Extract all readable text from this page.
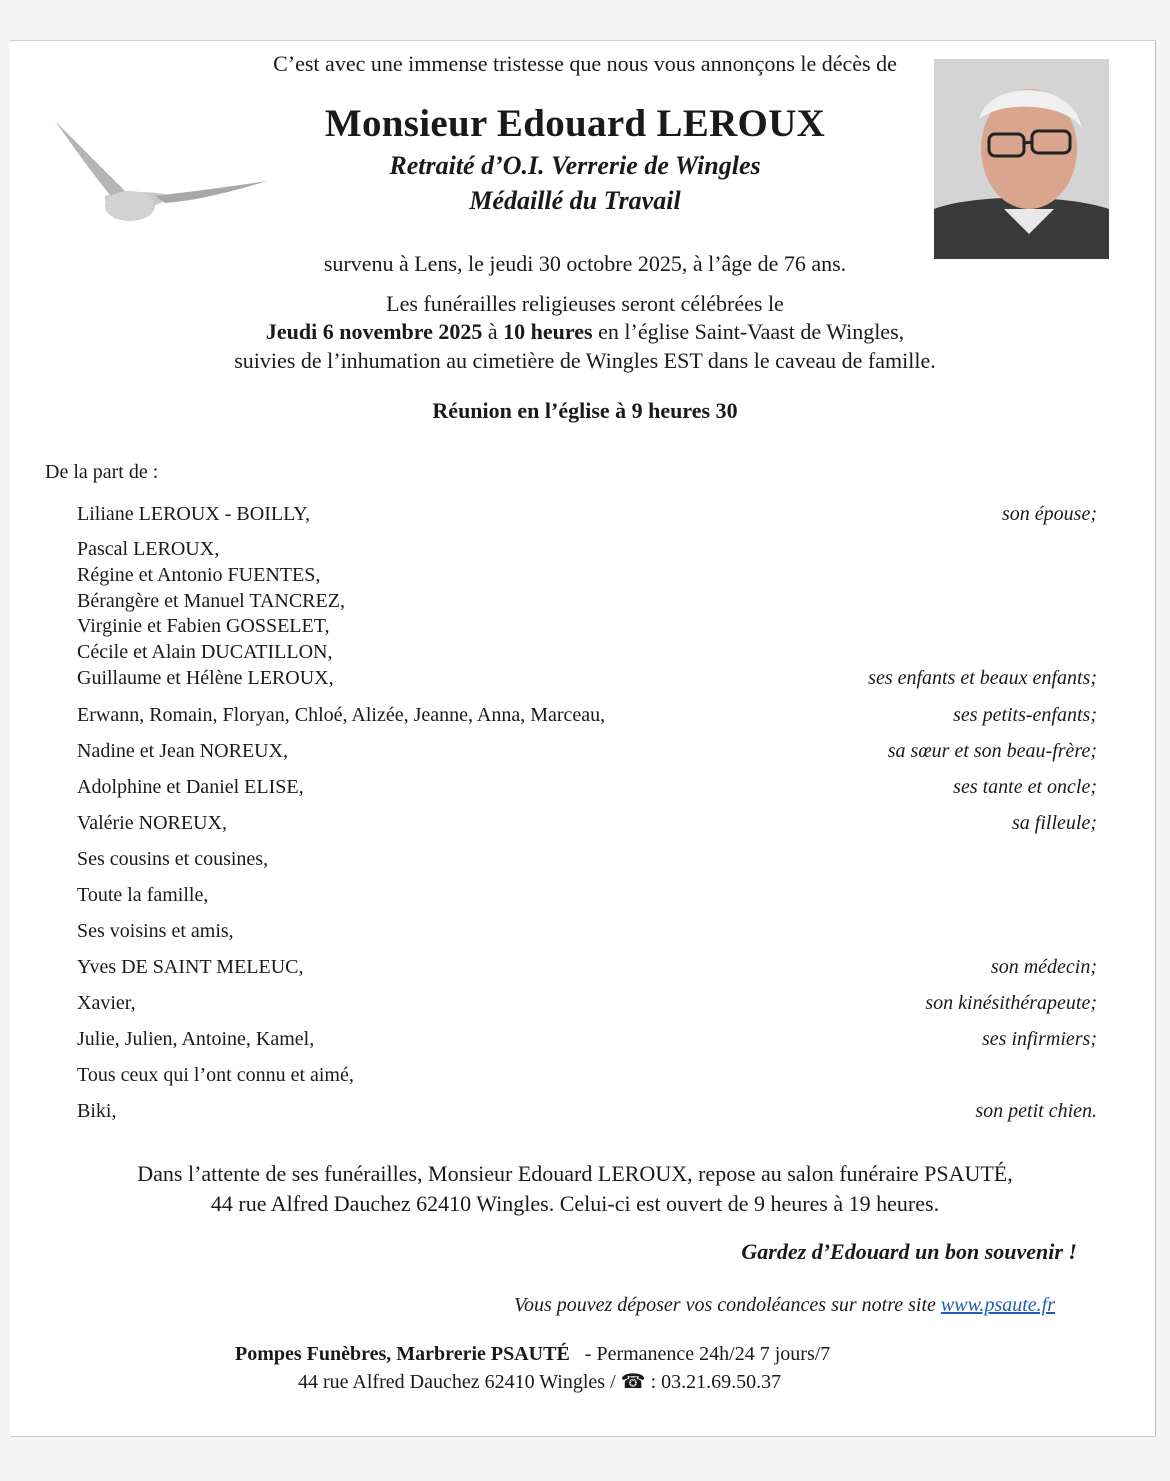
C’est avec une immense tristesse que nous vous annonçons le décès de
Monsieur Edouard LEROUX
Retraité d’O.I. Verrerie de Wingles
Médaillé du Travail
survenu à Lens, le jeudi 30 octobre 2025, à l’âge de 76 ans.
Les funérailles religieuses seront célébrées le
Jeudi 6 novembre 2025 à 10 heures en l’église Saint-Vaast de Wingles,
suivies de l’inhumation au cimetière de Wingles EST dans le caveau de famille.
Réunion en l’église à 9 heures 30
De la part de :
Liliane LEROUX - BOILLY,	son épouse;
Pascal LEROUX,
Régine et Antonio FUENTES,
Bérangère et Manuel TANCREZ,
Virginie et Fabien GOSSELET,
Cécile et Alain DUCATILLON,
Guillaume et Hélène LEROUX,	ses enfants et beaux enfants;
Erwann, Romain, Floryan, Chloé, Alizée, Jeanne, Anna, Marceau,	ses petits-enfants;
Nadine et Jean NOREUX,	sa sœur et son beau-frère;
Adolphine et Daniel ELISE,	ses tante et oncle;
Valérie NOREUX,	sa filleule;
Ses cousins et cousines,
Toute la famille,
Ses voisins et amis,
Yves DE SAINT MELEUC,	son médecin;
Xavier,	son kinésithérapeute;
Julie, Julien, Antoine, Kamel,	ses infirmiers;
Tous ceux qui l’ont connu et aimé,
Biki,	son petit chien.
Dans l’attente de ses funérailles, Monsieur Edouard LEROUX, repose au salon funéraire PSAUTÉ,
44 rue Alfred Dauchez 62410 Wingles. Celui-ci est ouvert de 9 heures à 19 heures.
Gardez d’Edouard un bon souvenir !
Vous pouvez déposer vos condoléances sur notre site www.psaute.fr
Pompes Funèbres, Marbrerie PSAUTÉ - Permanence 24h/24 7 jours/7
44 rue Alfred Dauchez 62410 Wingles / ☎ : 03.21.69.50.37
